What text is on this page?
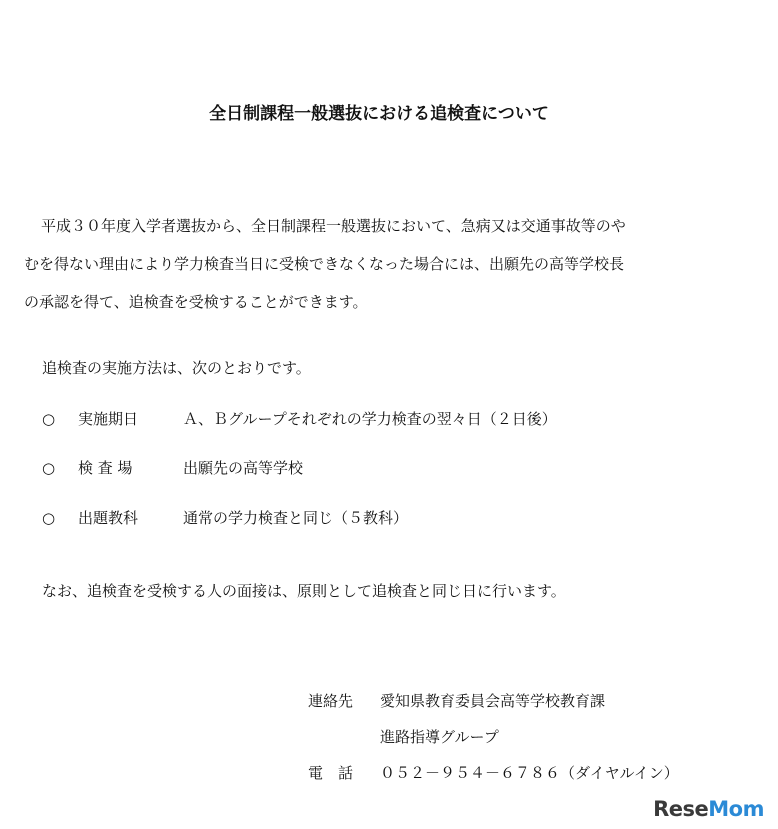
全日制課程一般選抜における追検査について
平成３０年度入学者選抜から、全日制課程一般選抜において、急病又は交通事故等のや
むを得ない理由により学力検査当日に受検できなくなった場合には、出願先の高等学校長
の承認を得て、追検査を受検することができます。
追検査の実施方法は、次のとおりです。
○ 実施期日	Ａ、Ｂグループそれぞれの学力検査の翌々日（２日後）
○ 検 査 場	出願先の高等学校
○ 出題教科	通常の学力検査と同じ（５教科）
なお、追検査を受検する人の面接は、原則として追検査と同じ日に行います。
連絡先 愛知県教育委員会高等学校教育課
進路指導グループ
電　話 ０５２－９５４－６７８６（ダイヤルイン）
ReseMom
